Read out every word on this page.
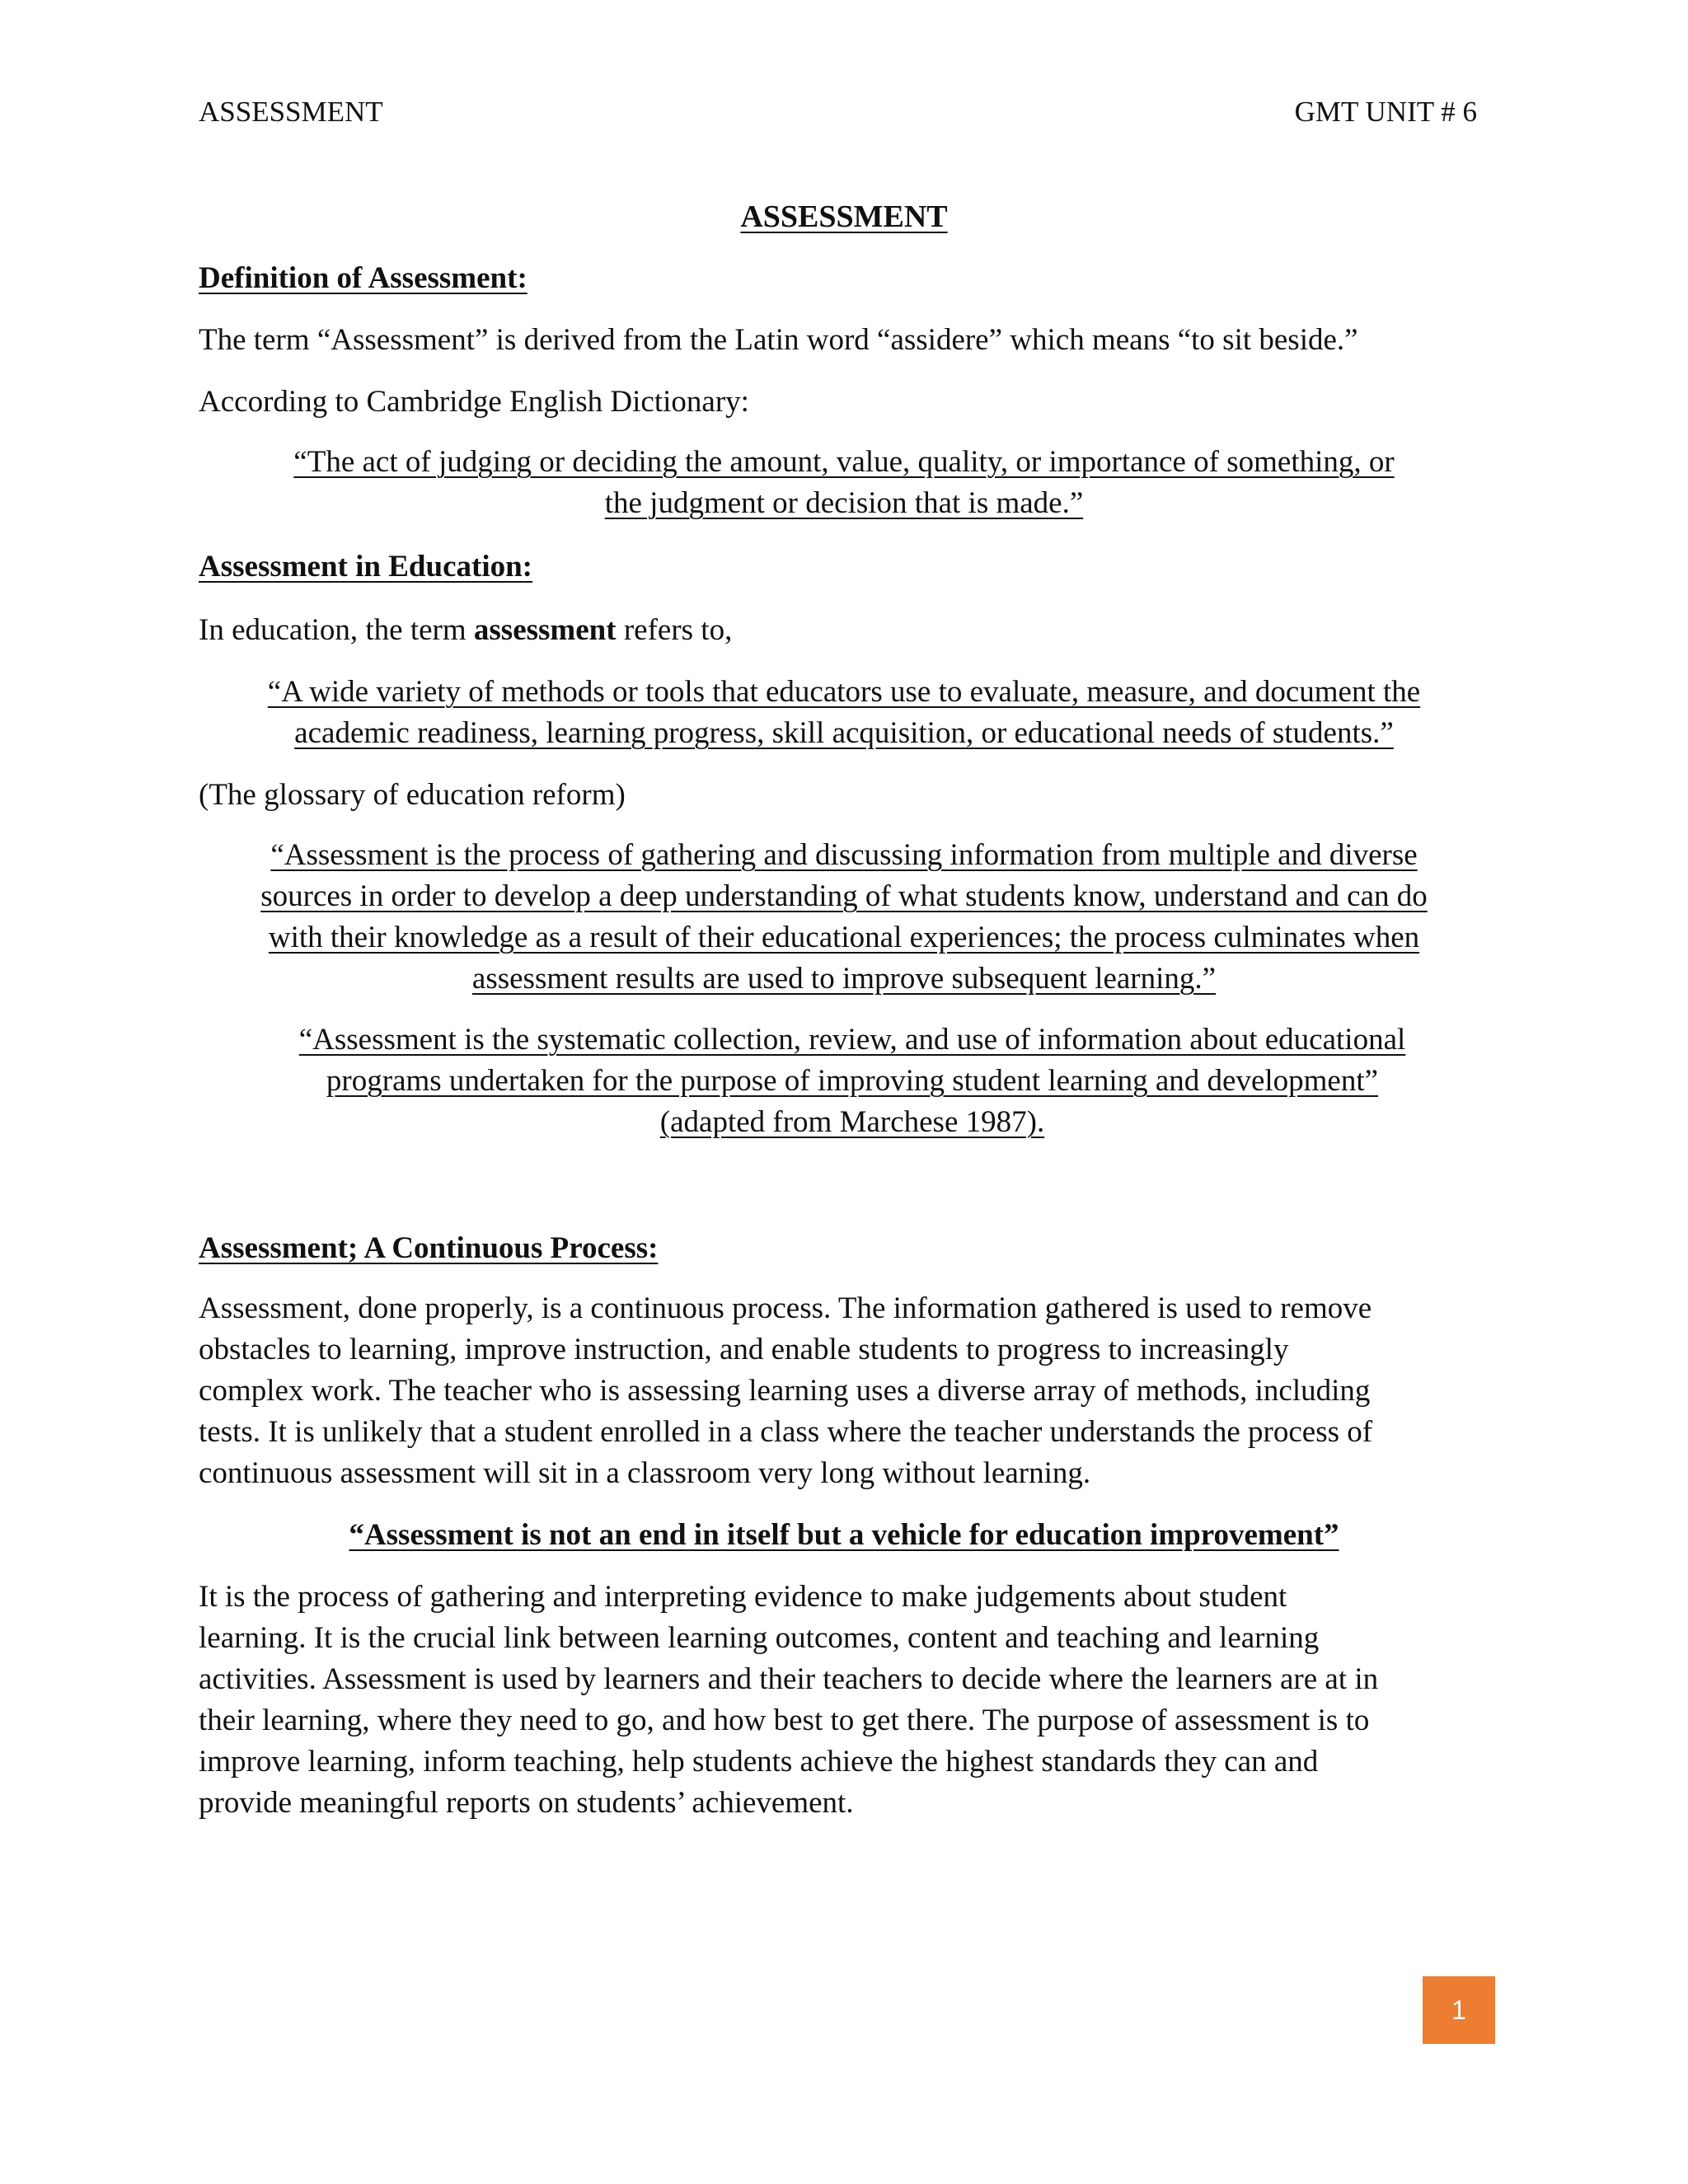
ASSESSMENT	GMT UNIT # 6
ASSESSMENT
Definition of Assessment:
The term “Assessment” is derived from the Latin word “assidere” which means “to sit beside.”
According to Cambridge English Dictionary:
“The act of judging or deciding the amount, value, quality, or importance of something, or
the judgment or decision that is made.”
Assessment in Education:
In education, the term assessment refers to,
“A wide variety of methods or tools that educators use to evaluate, measure, and document the
academic readiness, learning progress, skill acquisition, or educational needs of students.”
(The glossary of education reform)
“Assessment is the process of gathering and discussing information from multiple and diverse
sources in order to develop a deep understanding of what students know, understand and can do
with their knowledge as a result of their educational experiences; the process culminates when
assessment results are used to improve subsequent learning.”
“Assessment is the systematic collection, review, and use of information about educational
programs undertaken for the purpose of improving student learning and development”
(adapted from Marchese 1987).
Assessment; A Continuous Process:
Assessment, done properly, is a continuous process. The information gathered is used to remove
obstacles to learning, improve instruction, and enable students to progress to increasingly
complex work. The teacher who is assessing learning uses a diverse array of methods, including
tests. It is unlikely that a student enrolled in a class where the teacher understands the process of
continuous assessment will sit in a classroom very long without learning.
“Assessment is not an end in itself but a vehicle for education improvement”
It is the process of gathering and interpreting evidence to make judgements about student
learning. It is the crucial link between learning outcomes, content and teaching and learning
activities. Assessment is used by learners and their teachers to decide where the learners are at in
their learning, where they need to go, and how best to get there. The purpose of assessment is to
improve learning, inform teaching, help students achieve the highest standards they can and
provide meaningful reports on students’ achievement.
1
